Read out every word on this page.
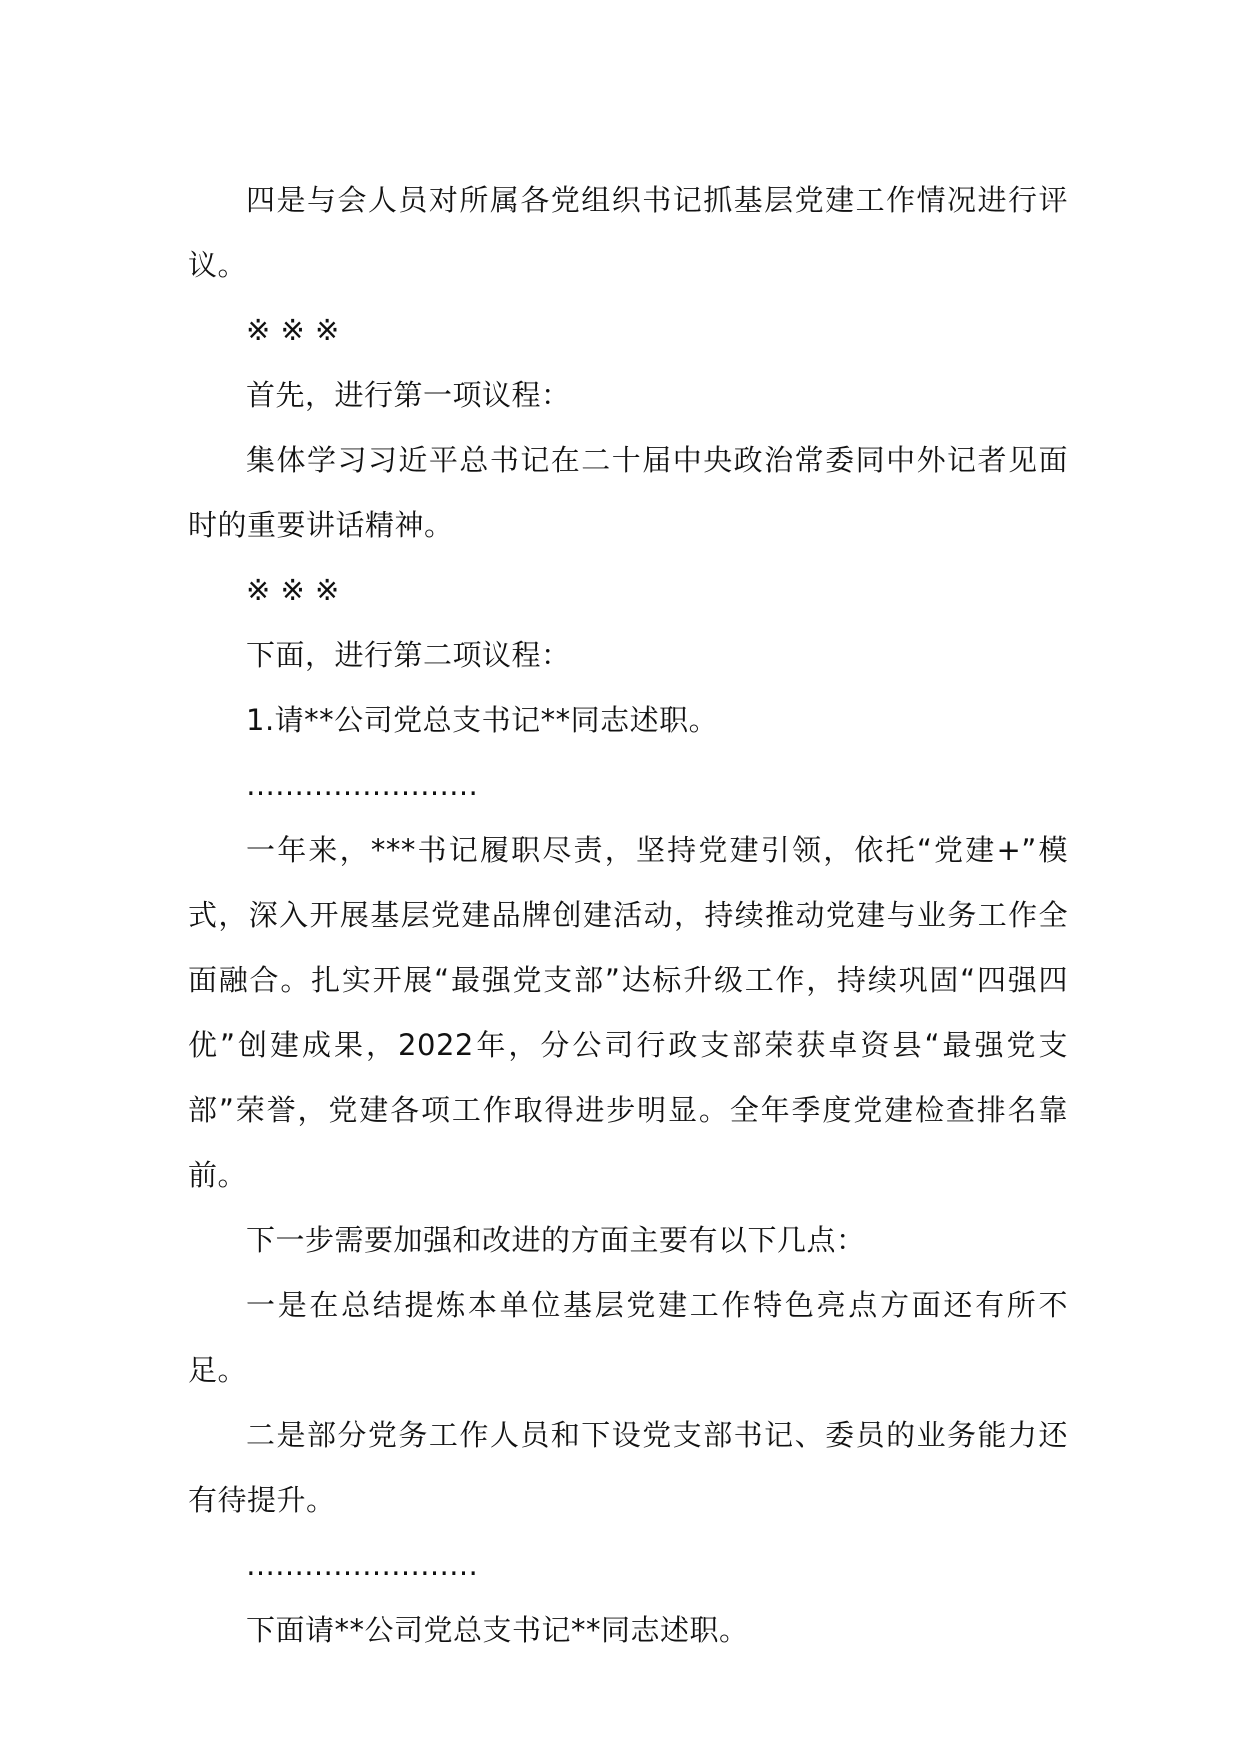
四是与会人员对所属各党组织书记抓基层党建工作情况进行评议。

※ ※ ※

首先，进行第一项议程：

集体学习习近平总书记在二十届中央政治常委同中外记者见面时的重要讲话精神。

※ ※ ※

下面，进行第二项议程：

1.请**公司党总支书记**同志述职。

……………………

一年来，***书记履职尽责，坚持党建引领，依托“党建+”模式，深入开展基层党建品牌创建活动，持续推动党建与业务工作全面融合。扎实开展“最强党支部”达标升级工作，持续巩固“四强四优”创建成果，2022年，分公司行政支部荣获卓资县“最强党支部”荣誉，党建各项工作取得进步明显。全年季度党建检查排名靠前。

下一步需要加强和改进的方面主要有以下几点：

一是在总结提炼本单位基层党建工作特色亮点方面还有所不足。

二是部分党务工作人员和下设党支部书记、委员的业务能力还有待提升。

……………………

下面请**公司党总支书记**同志述职。
